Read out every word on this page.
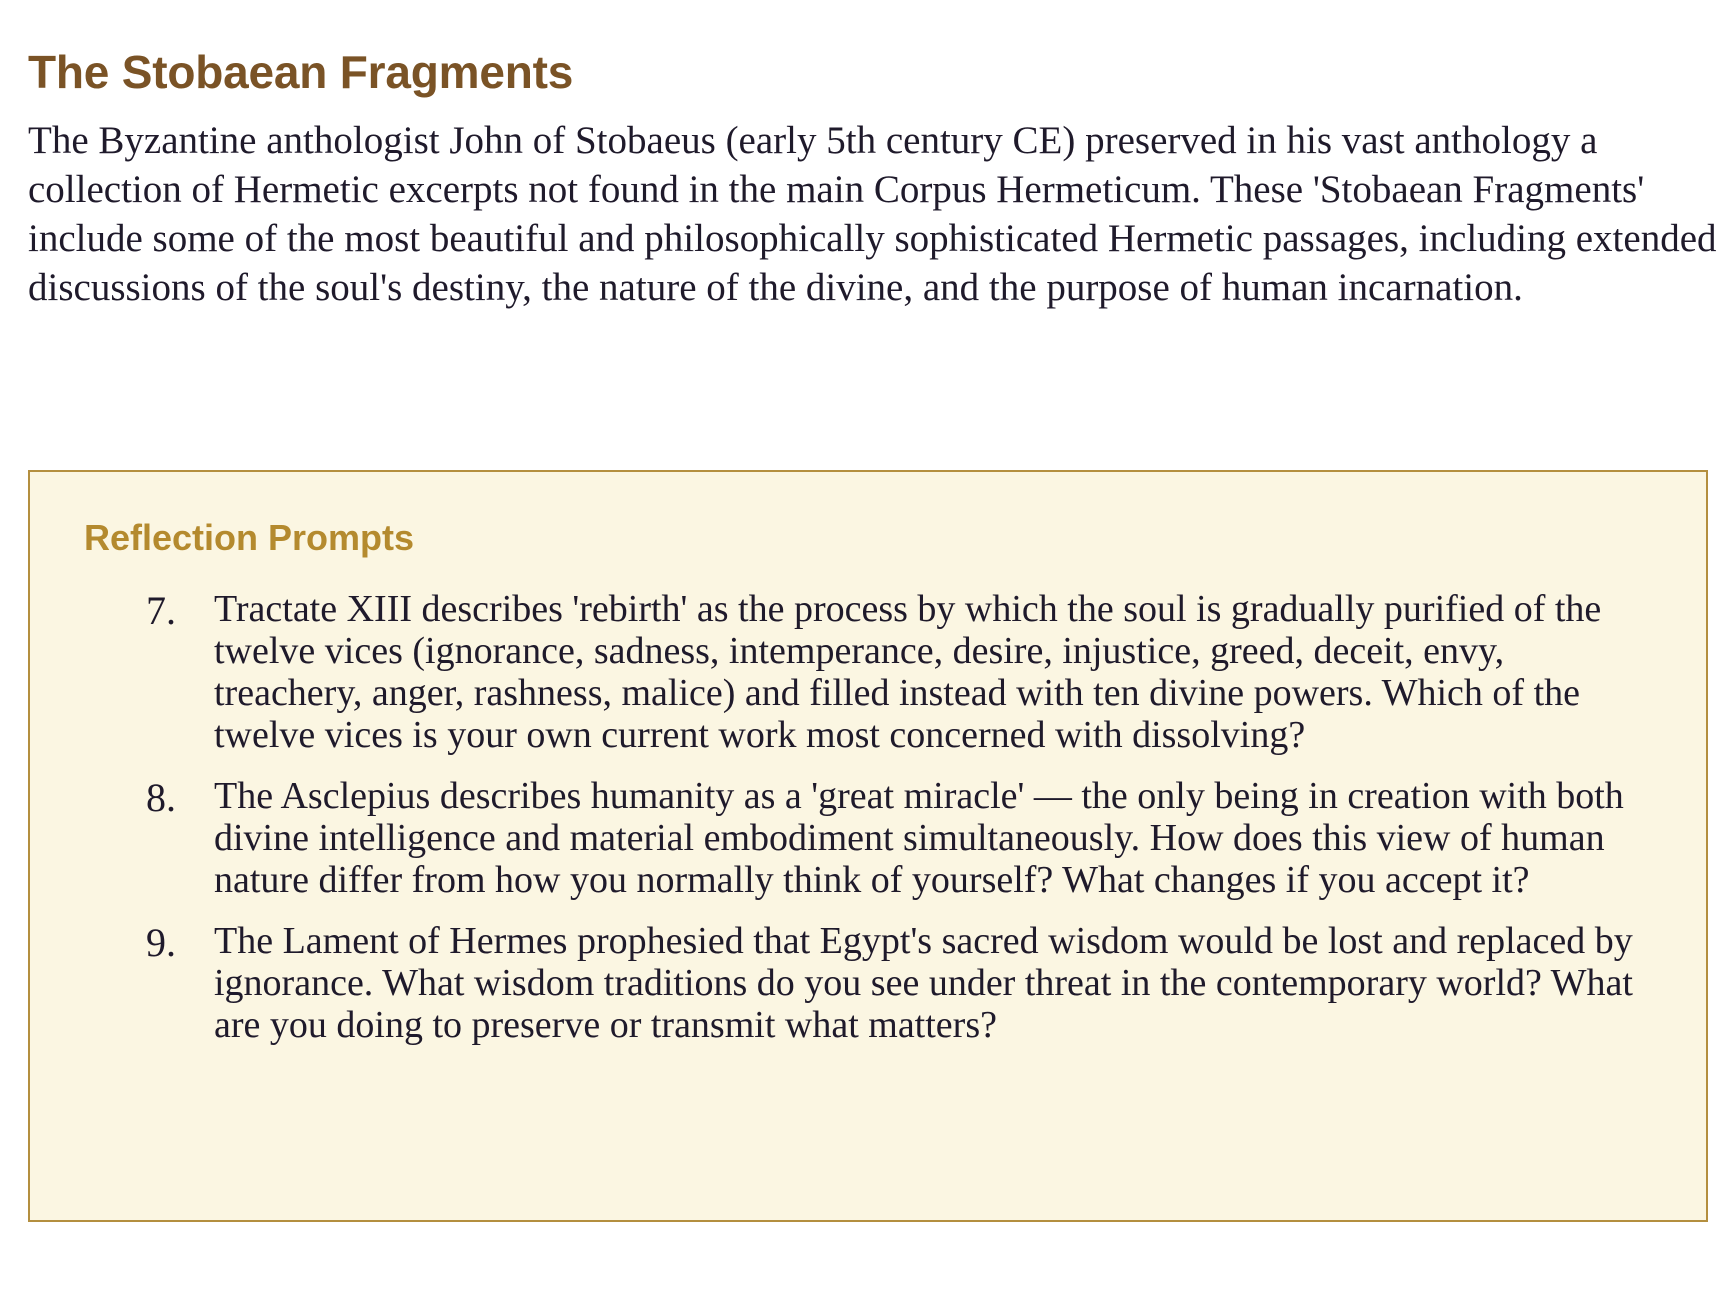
The Stobaean Fragments

The Byzantine anthologist John of Stobaeus (early 5th century CE) preserved in his vast anthology a collection of Hermetic excerpts not found in the main Corpus Hermeticum. These 'Stobaean Fragments' include some of the most beautiful and philosophically sophisticated Hermetic passages, including extended discussions of the soul's destiny, the nature of the divine, and the purpose of human incarnation.

Reflection Prompts
7. Tractate XIII describes 'rebirth' as the process by which the soul is gradually purified of the twelve vices (ignorance, sadness, intemperance, desire, injustice, greed, deceit, envy, treachery, anger, rashness, malice) and filled instead with ten divine powers. Which of the twelve vices is your own current work most concerned with dissolving?
8. The Asclepius describes humanity as a 'great miracle' — the only being in creation with both divine intelligence and material embodiment simultaneously. How does this view of human nature differ from how you normally think of yourself? What changes if you accept it?
9. The Lament of Hermes prophesied that Egypt's sacred wisdom would be lost and replaced by ignorance. What wisdom traditions do you see under threat in the contemporary world? What are you doing to preserve or transmit what matters?
